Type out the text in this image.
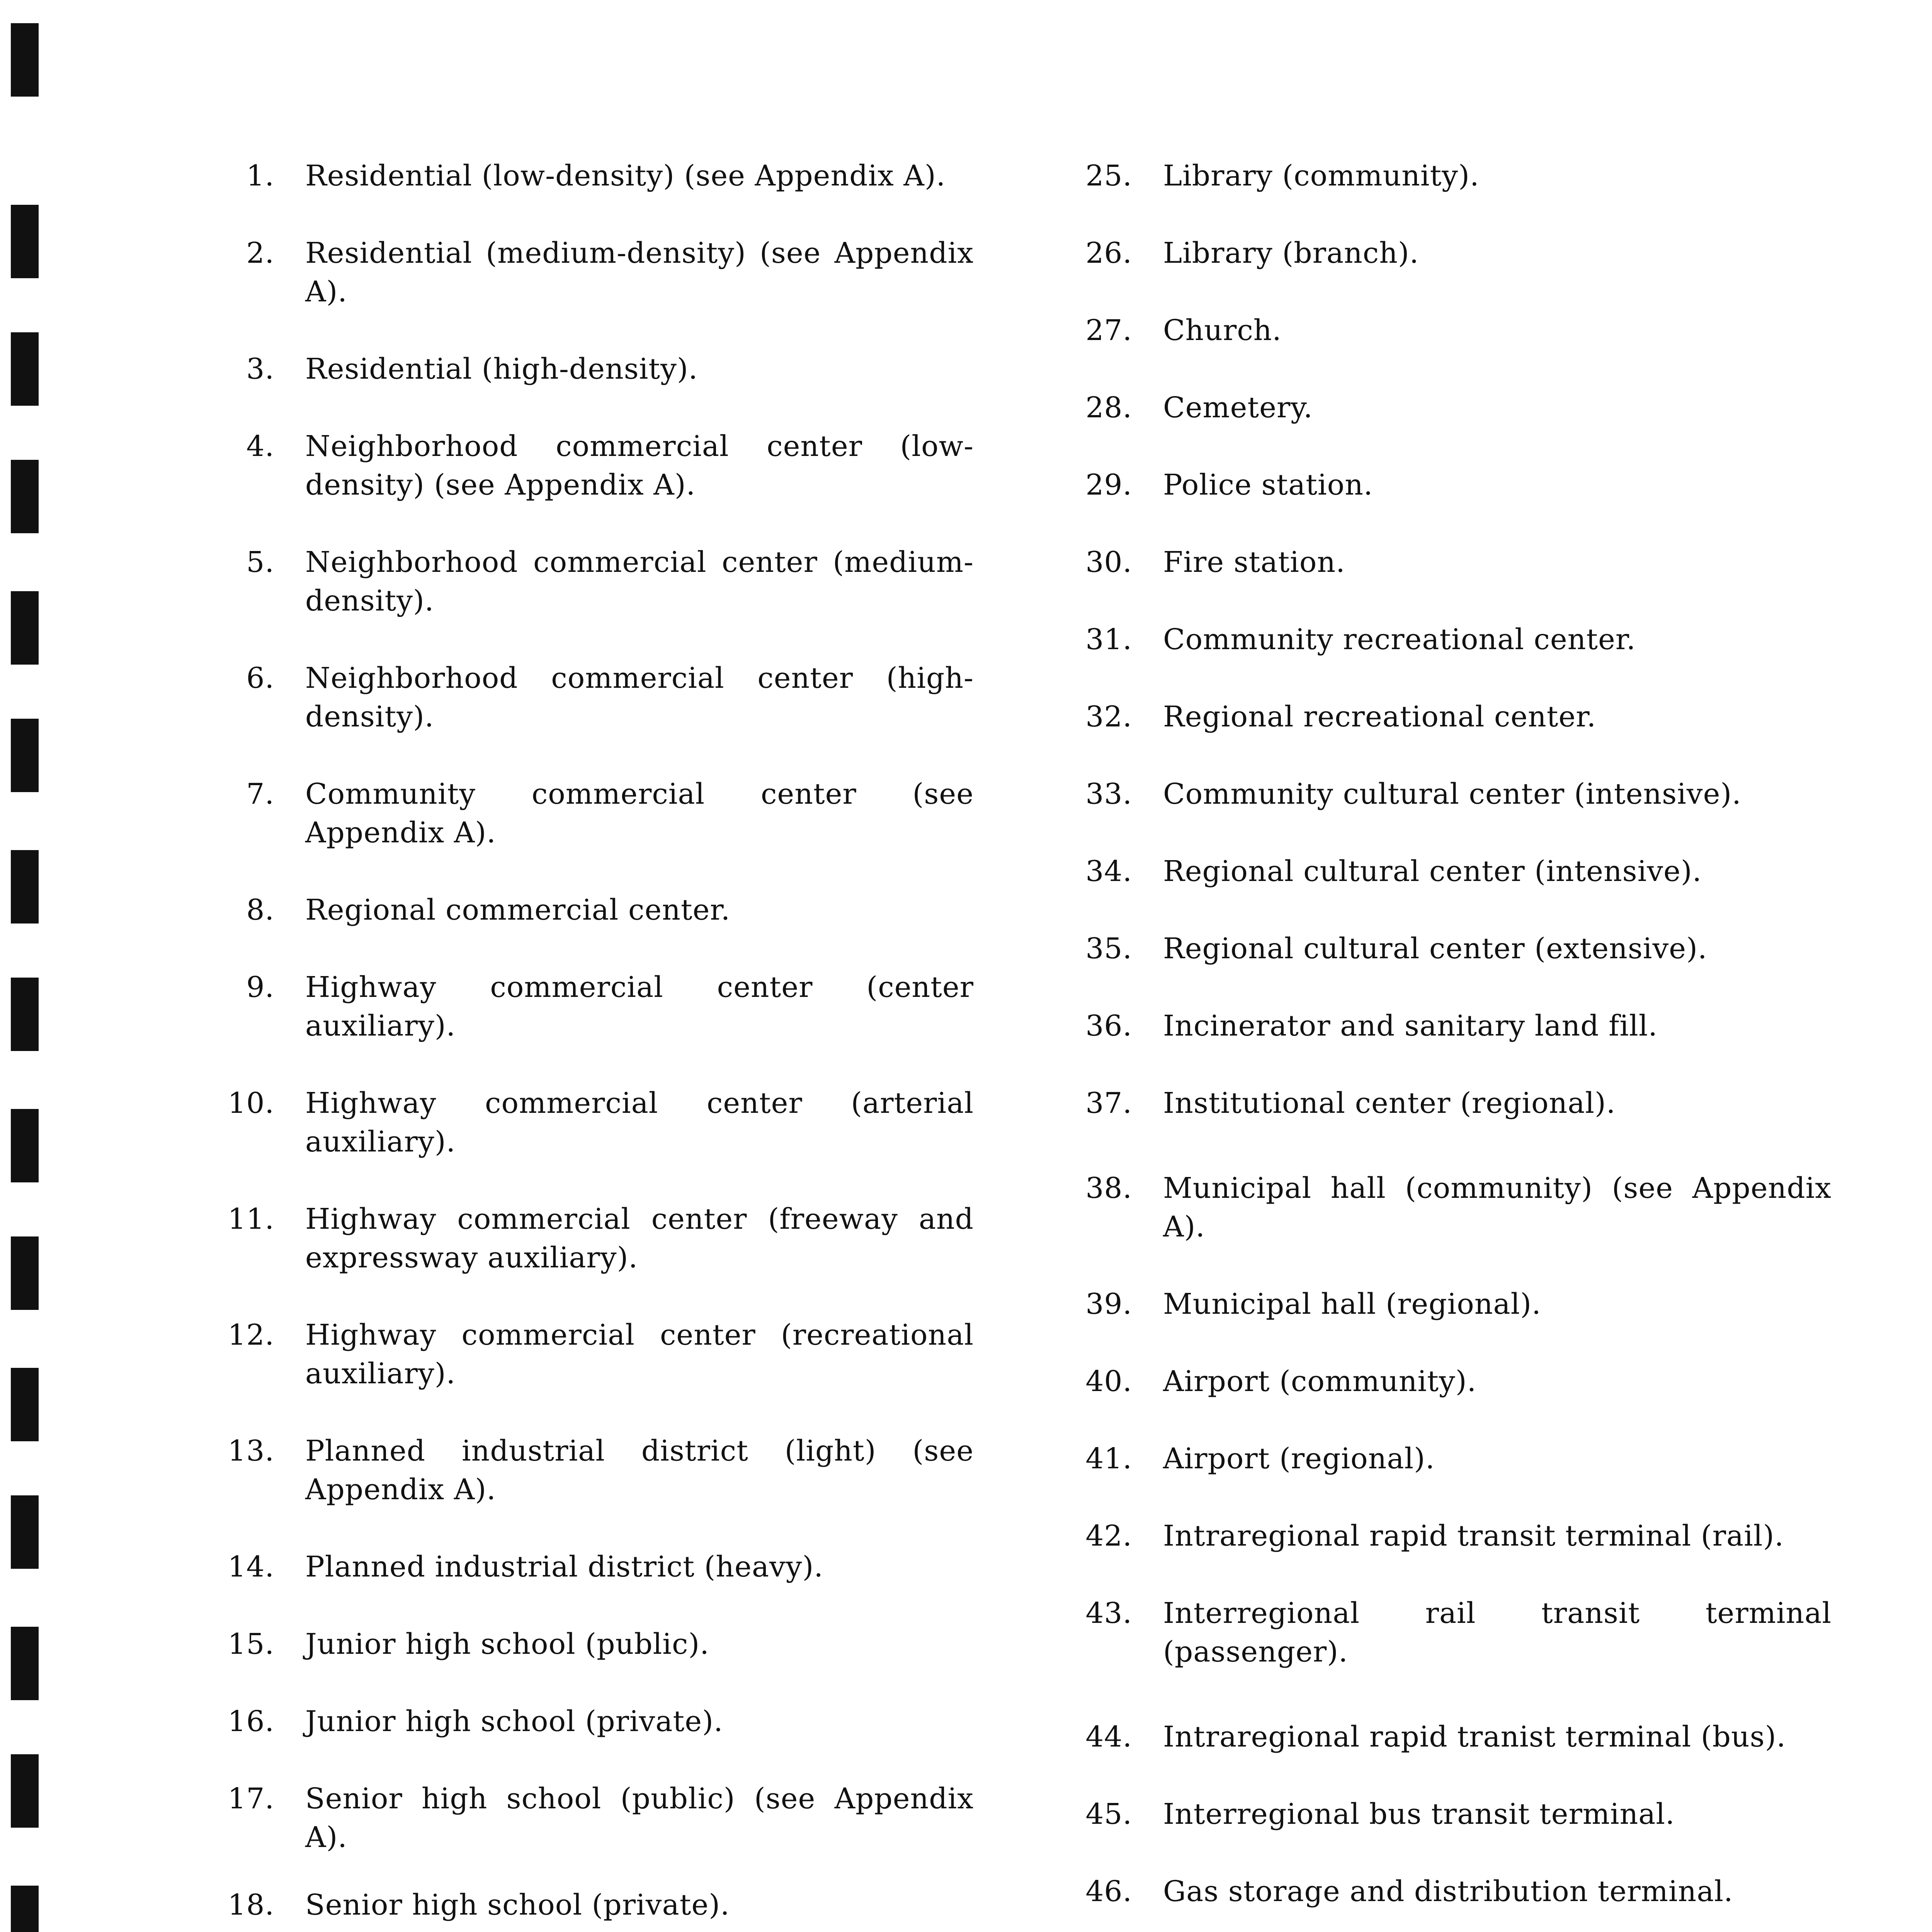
1. Residential (low-density) (see Appendix A).
2. Residential (medium-density) (see Appendix A).
3. Residential (high-density).
4. Neighborhood commercial center (low-density) (see Appendix A).
5. Neighborhood commercial center (medium-density).
6. Neighborhood commercial center (high-density).
7. Community commercial center (see Appendix A).
8. Regional commercial center.
9. Highway commercial center (center auxiliary).
10. Highway commercial center (arterial auxiliary).
11. Highway commercial center (freeway and expressway auxiliary).
12. Highway commercial center (recreational auxiliary).
13. Planned industrial district (light) (see Appendix A).
14. Planned industrial district (heavy).
15. Junior high school (public).
16. Junior high school (private).
17. Senior high school (public) (see Appendix A).
18. Senior high school (private).
25. Library (community).
26. Library (branch).
27. Church.
28. Cemetery.
29. Police station.
30. Fire station.
31. Community recreational center.
32. Regional recreational center.
33. Community cultural center (intensive).
34. Regional cultural center (intensive).
35. Regional cultural center (extensive).
36. Incinerator and sanitary land fill.
37. Institutional center (regional).
38. Municipal hall (community) (see Appendix A).
39. Municipal hall (regional).
40. Airport (community).
41. Airport (regional).
42. Intraregional rapid transit terminal (rail).
43. Interregional rail transit terminal (passenger).
44. Intraregional rapid tranist terminal (bus).
45. Interregional bus transit terminal.
46. Gas storage and distribution terminal.
